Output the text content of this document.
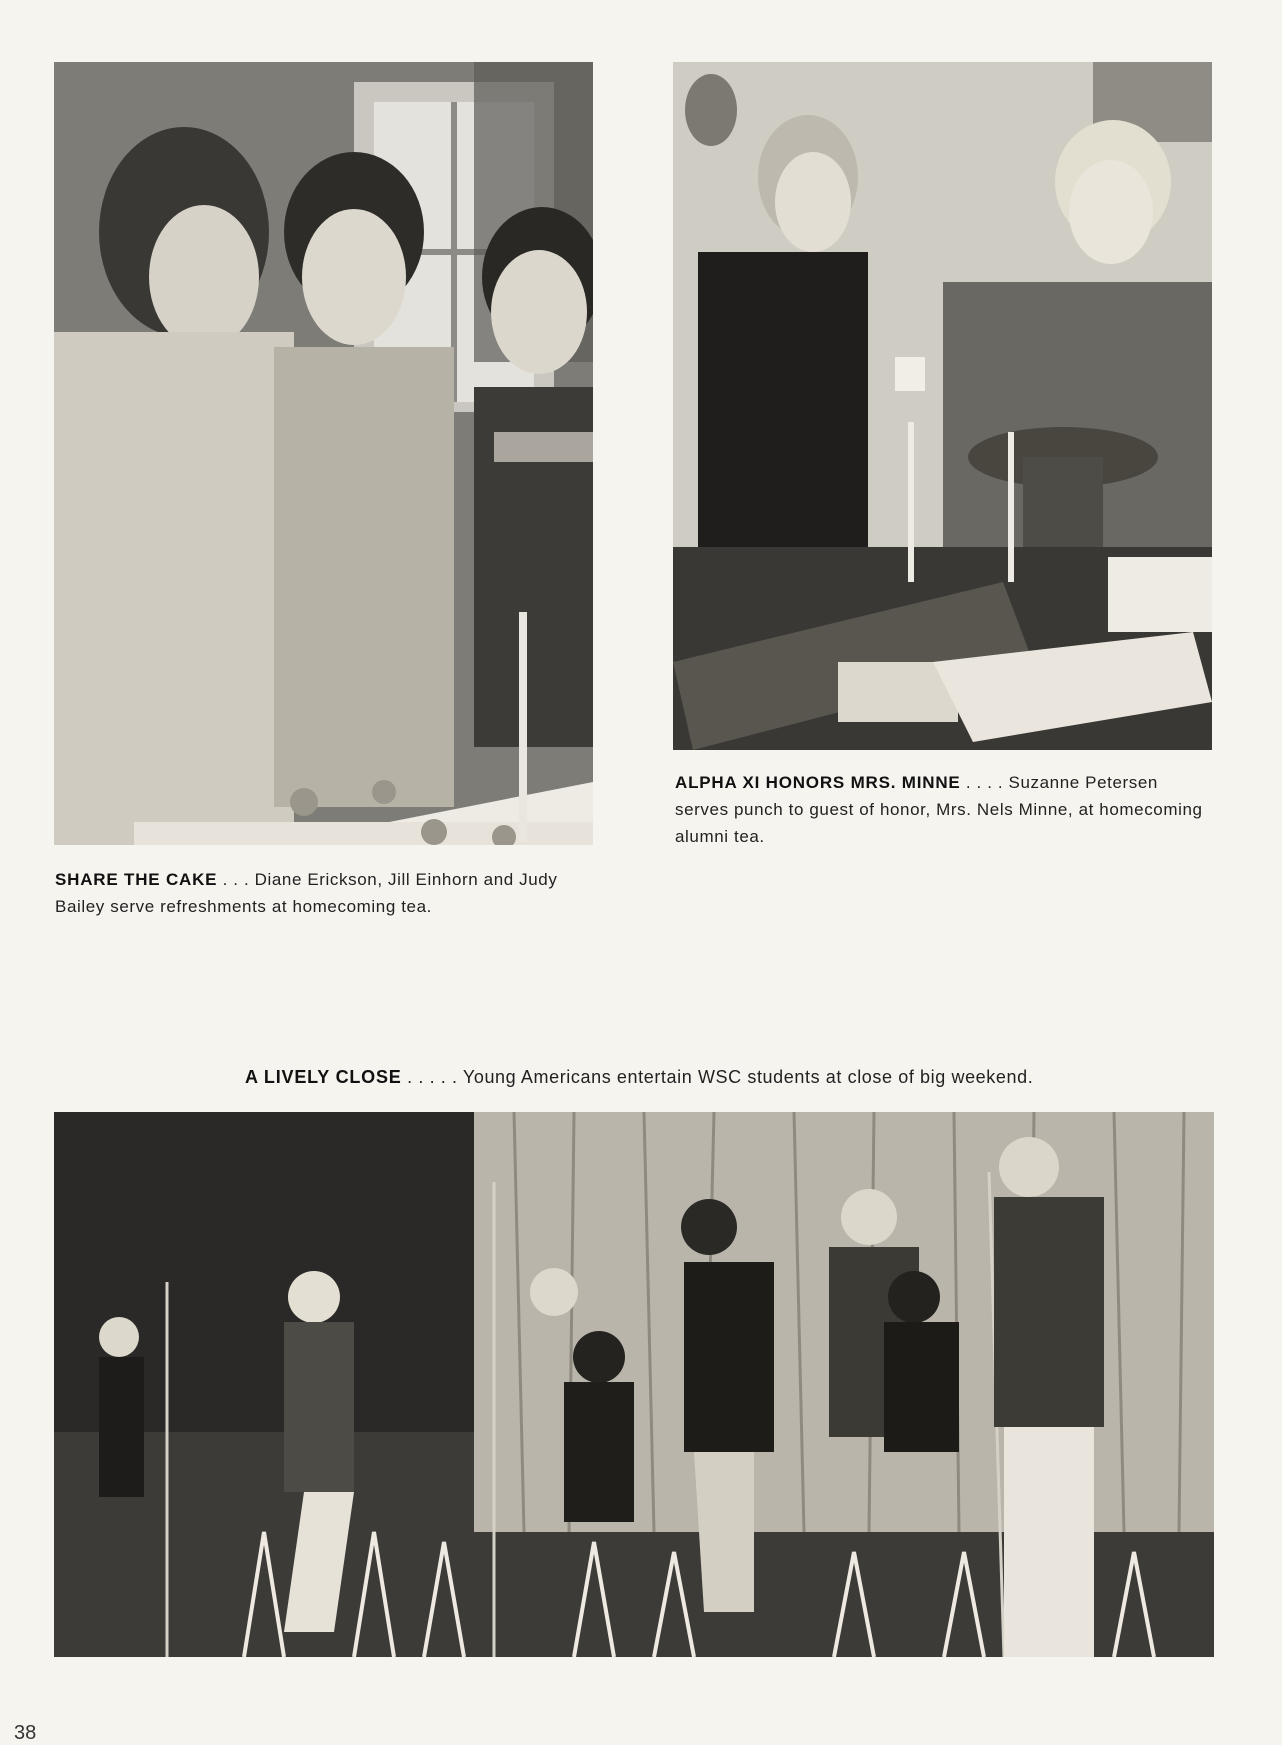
SHARE THE CAKE . . . Diane Erickson, Jill Einhorn and Judy Bailey serve refreshments at homecoming tea.
ALPHA XI HONORS MRS. MINNE . . . . Suzanne Petersen serves punch to guest of honor, Mrs. Nels Minne, at homecoming alumni tea.
A LIVELY CLOSE . . . . . Young Americans entertain WSC students at close of big weekend.
38
